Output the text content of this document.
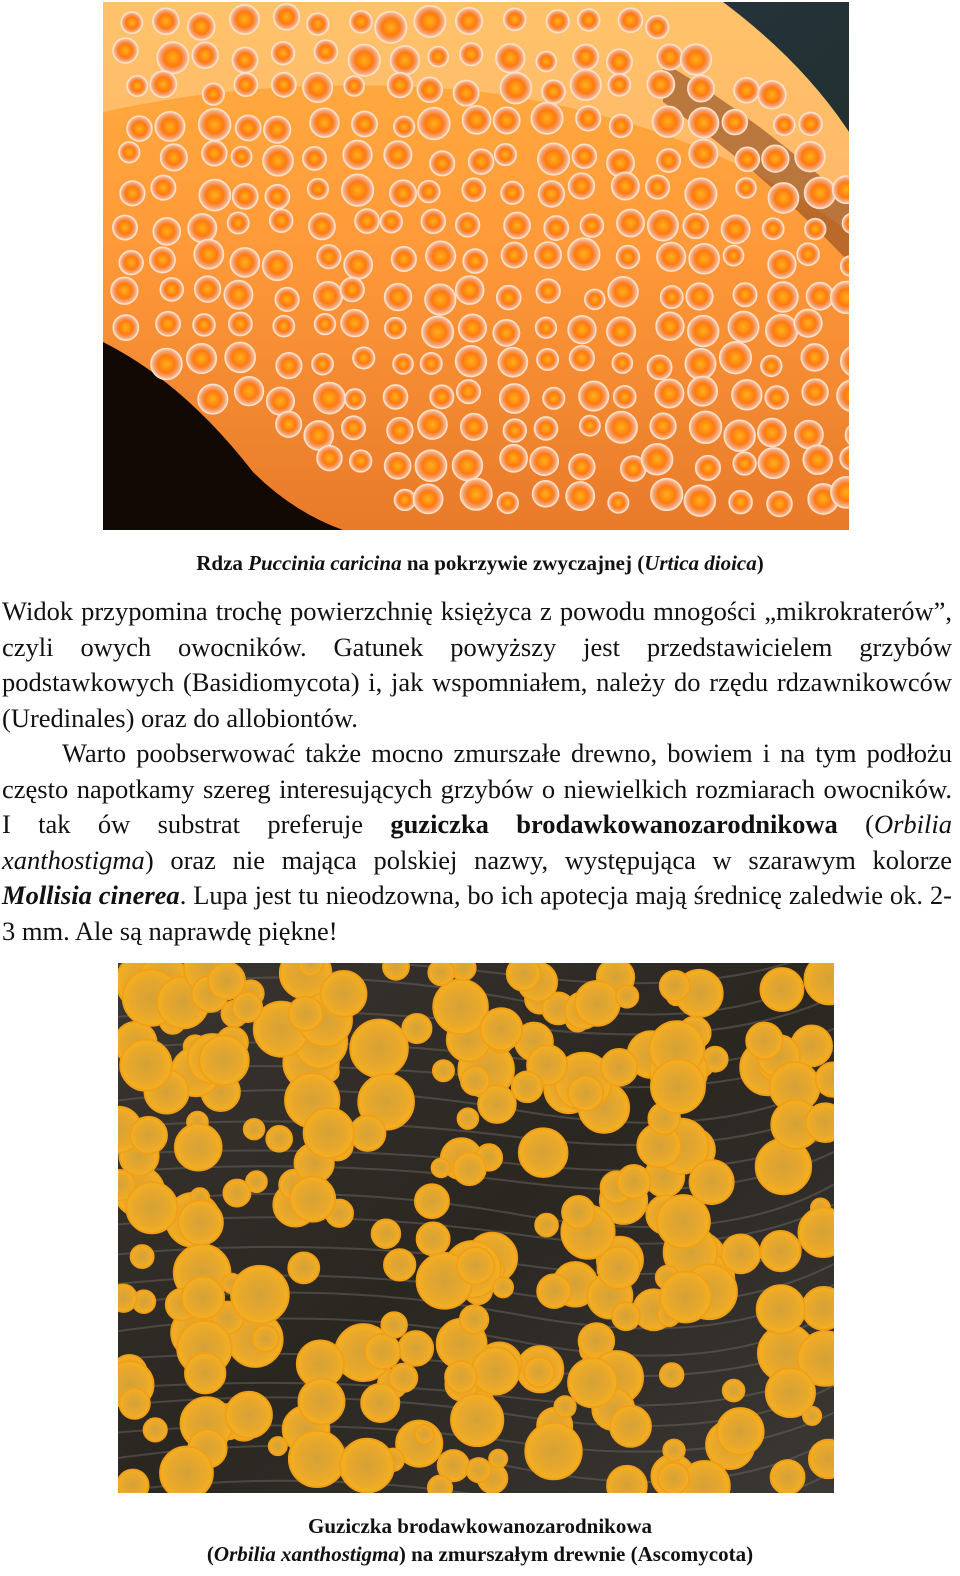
Rdza Puccinia caricina na pokrzywie zwyczajnej (Urtica dioica)

Widok przypomina trochę powierzchnię księżyca z powodu mnogości „mikrokraterów”, czyli owych owocników. Gatunek powyższy jest przedstawicielem grzybów podstawkowych (Basidiomycota) i, jak wspomniałem, należy do rzędu rdzawnikowców (Uredinales) oraz do allobiontów.

Warto poobserwować także mocno zmurszałe drewno, bowiem i na tym podłożu często napotkamy szereg interesujących grzybów o niewielkich rozmiarach owocników. I tak ów substrat preferuje guziczka brodawkowanozarodnikowa (Orbilia xanthostigma) oraz nie mająca polskiej nazwy, występująca w szarawym kolorze Mollisia cinerea. Lupa jest tu nieodzowna, bo ich apotecja mają średnicę zaledwie ok. 2-3 mm. Ale są naprawdę piękne!

Guziczka brodawkowanozarodnikowa
(Orbilia xanthostigma) na zmurszałym drewnie (Ascomycota)
